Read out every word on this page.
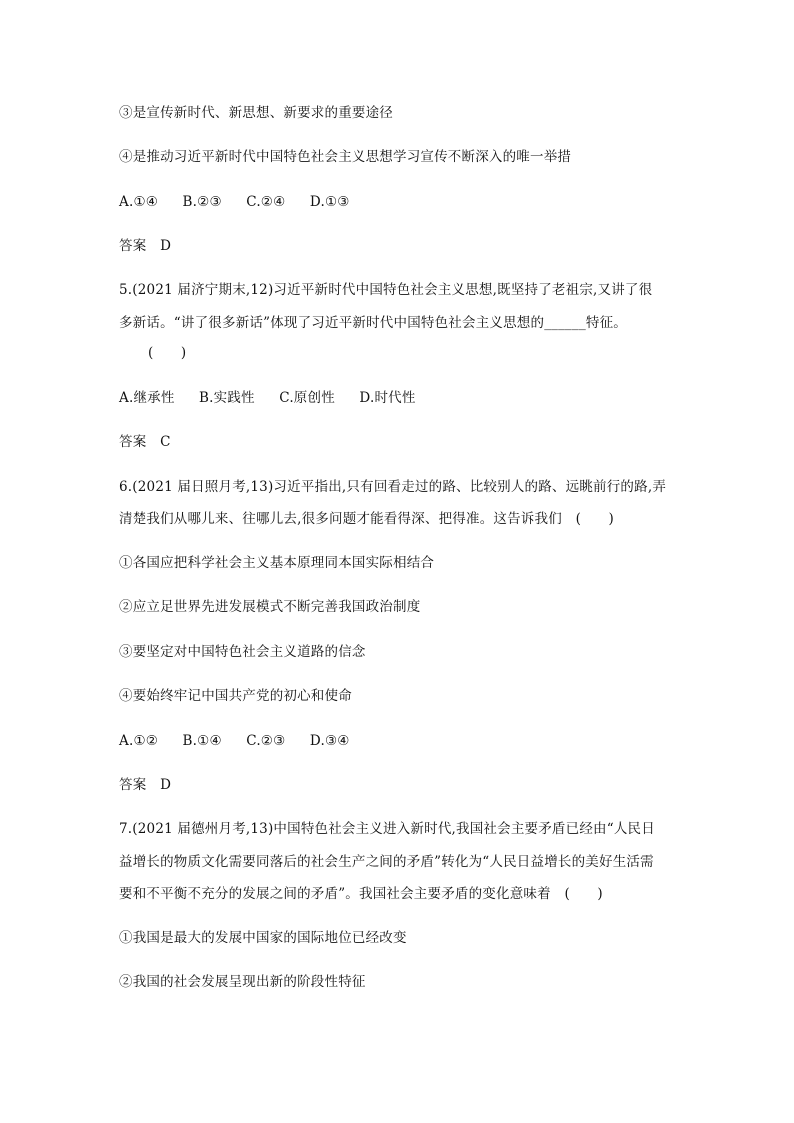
③是宣传新时代、新思想、新要求的重要途径
④是推动习近平新时代中国特色社会主义思想学习宣传不断深入的唯一举措
A.①④ B.②③ C.②④ D.①③
答案　D
5.(2021 届济宁期末,12)习近平新时代中国特色社会主义思想,既坚持了老祖宗,又讲了很
多新话。“讲了很多新话”体现了习近平新时代中国特色社会主义思想的______特征。
(　　)
A.继承性 B.实践性 C.原创性 D.时代性
答案　C
6.(2021 届日照月考,13)习近平指出,只有回看走过的路、比较别人的路、远眺前行的路,弄
清楚我们从哪儿来、往哪儿去,很多问题才能看得深、把得准。这告诉我们　(　　)
①各国应把科学社会主义基本原理同本国实际相结合
②应立足世界先进发展模式不断完善我国政治制度
③要坚定对中国特色社会主义道路的信念
④要始终牢记中国共产党的初心和使命
A.①② B.①④ C.②③ D.③④
答案　D
7.(2021 届德州月考,13)中国特色社会主义进入新时代,我国社会主要矛盾已经由“人民日
益增长的物质文化需要同落后的社会生产之间的矛盾”转化为“人民日益增长的美好生活需
要和不平衡不充分的发展之间的矛盾”。我国社会主要矛盾的变化意味着　(　　)
①我国是最大的发展中国家的国际地位已经改变
②我国的社会发展呈现出新的阶段性特征
